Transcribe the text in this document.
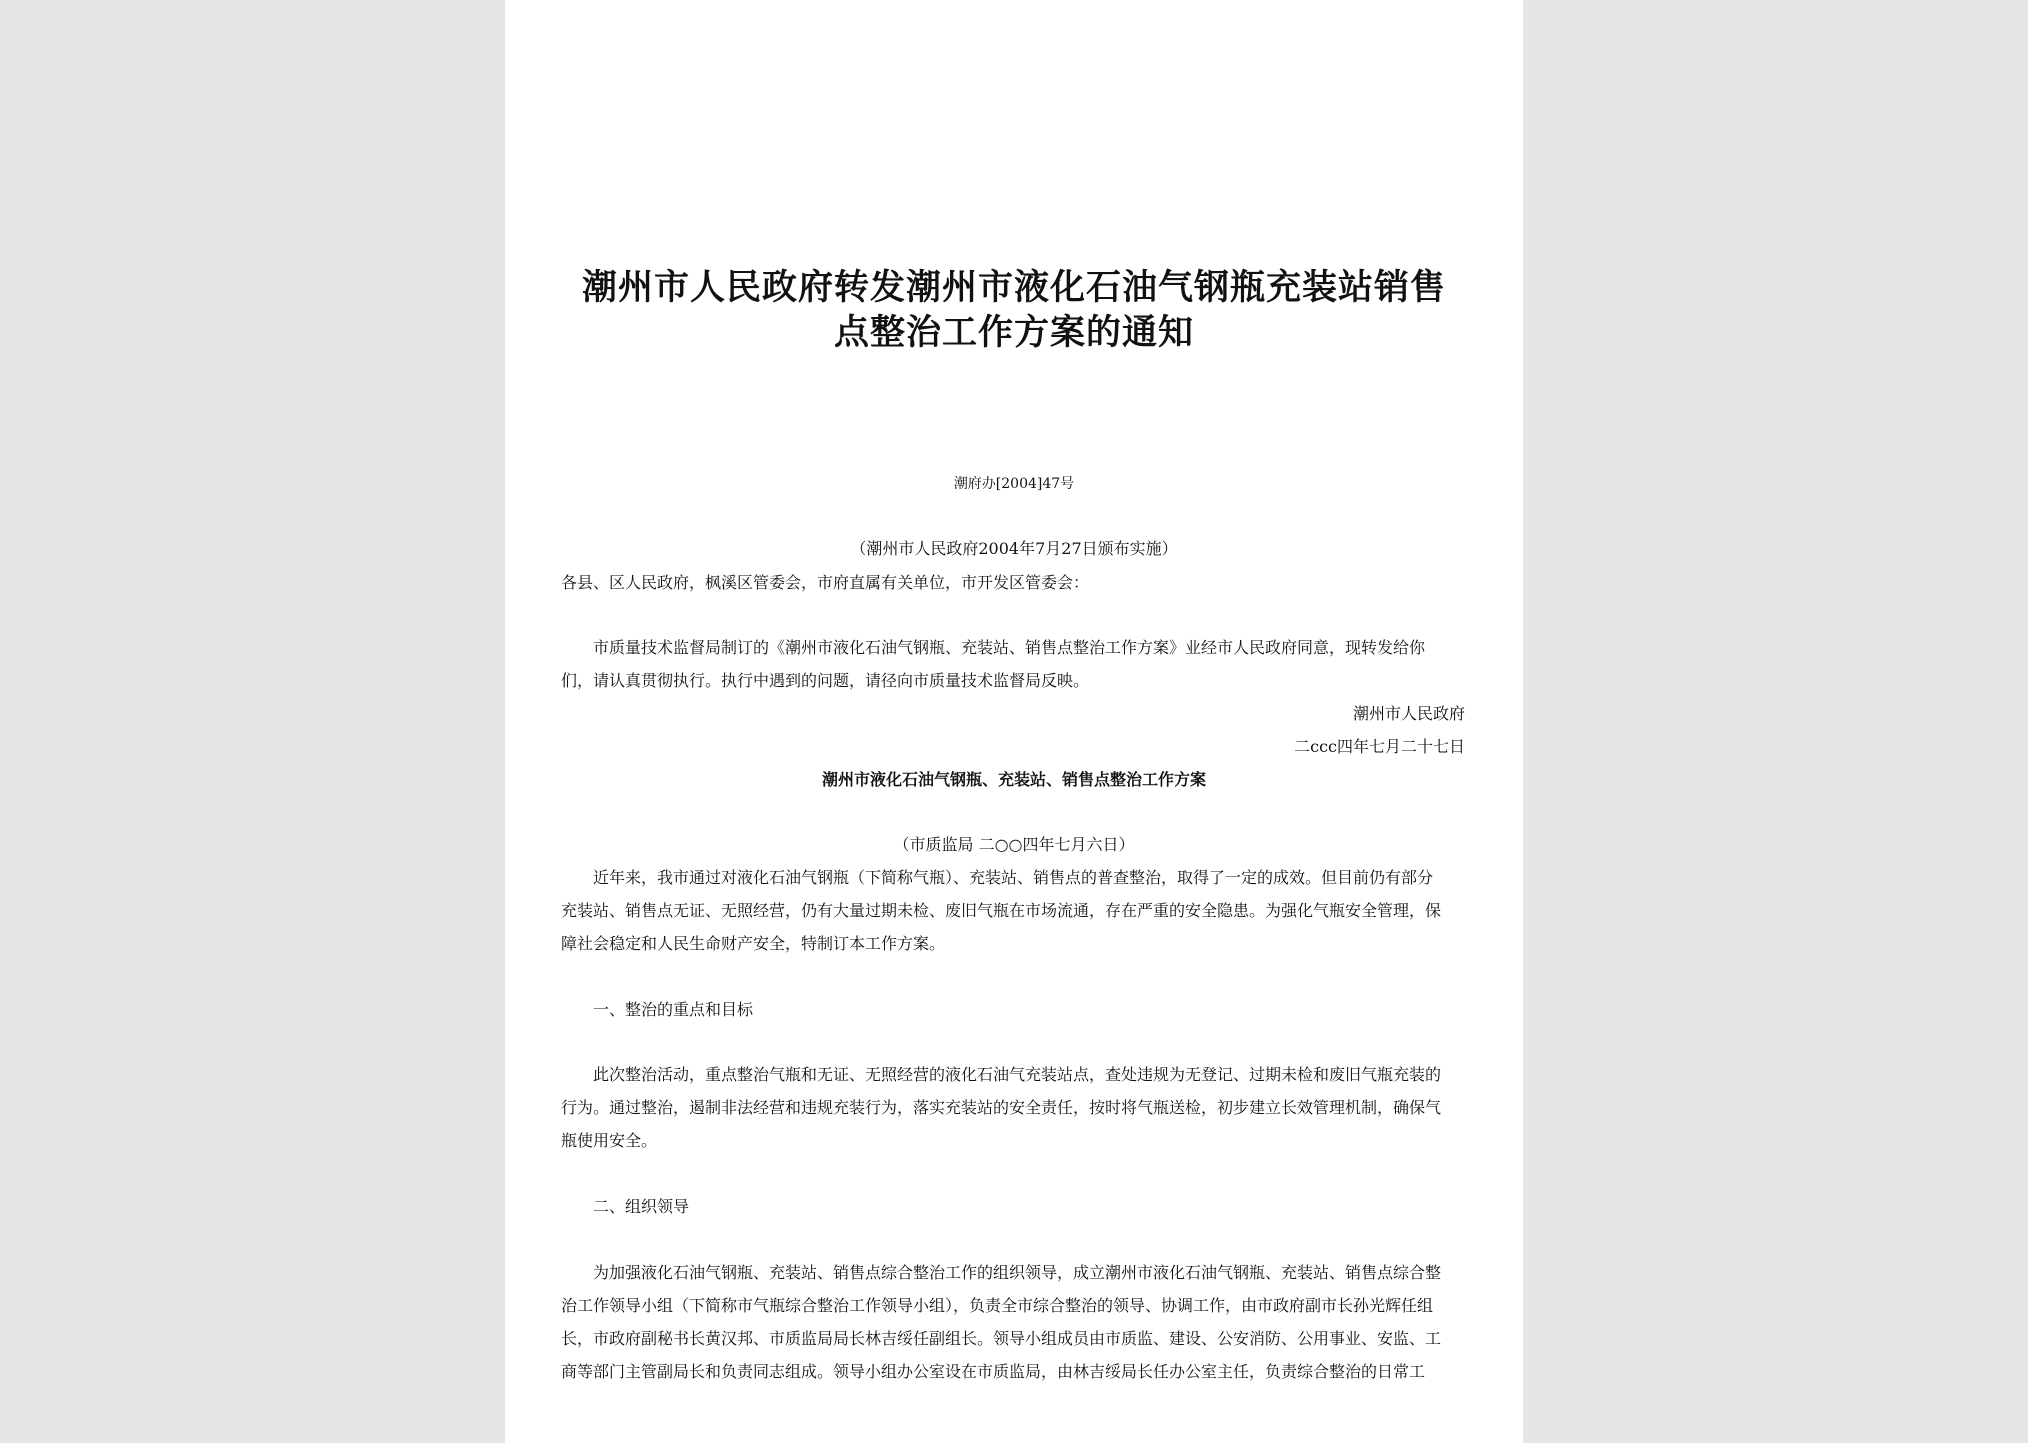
潮州市人民政府转发潮州市液化石油气钢瓶充装站销售
点整治工作方案的通知

潮府办[2004]47号

（潮州市人民政府2004年7月27日颁布实施）

各县、区人民政府，枫溪区管委会，市府直属有关单位，市开发区管委会：

市质量技术监督局制订的《潮州市液化石油气钢瓶、充装站、销售点整治工作方案》业经市人民政府同意，现转发给你

们，请认真贯彻执行。执行中遇到的问题，请径向市质量技术监督局反映。

潮州市人民政府

二ccc四年七月二十七日

潮州市液化石油气钢瓶、充装站、销售点整治工作方案

（市质监局 二○○四年七月六日）

近年来，我市通过对液化石油气钢瓶（下简称气瓶）、充装站、销售点的普查整治，取得了一定的成效。但目前仍有部分

充装站、销售点无证、无照经营，仍有大量过期未检、废旧气瓶在市场流通，存在严重的安全隐患。为强化气瓶安全管理，保

障社会稳定和人民生命财产安全，特制订本工作方案。

一、整治的重点和目标

此次整治活动，重点整治气瓶和无证、无照经营的液化石油气充装站点，查处违规为无登记、过期未检和废旧气瓶充装的

行为。通过整治，遏制非法经营和违规充装行为，落实充装站的安全责任，按时将气瓶送检，初步建立长效管理机制，确保气

瓶使用安全。

二、组织领导

为加强液化石油气钢瓶、充装站、销售点综合整治工作的组织领导，成立潮州市液化石油气钢瓶、充装站、销售点综合整

治工作领导小组（下简称市气瓶综合整治工作领导小组），负责全市综合整治的领导、协调工作，由市政府副市长孙光辉任组

长，市政府副秘书长黄汉邦、市质监局局长林吉绥任副组长。领导小组成员由市质监、建设、公安消防、公用事业、安监、工

商等部门主管副局长和负责同志组成。领导小组办公室设在市质监局，由林吉绥局长任办公室主任，负责综合整治的日常工
